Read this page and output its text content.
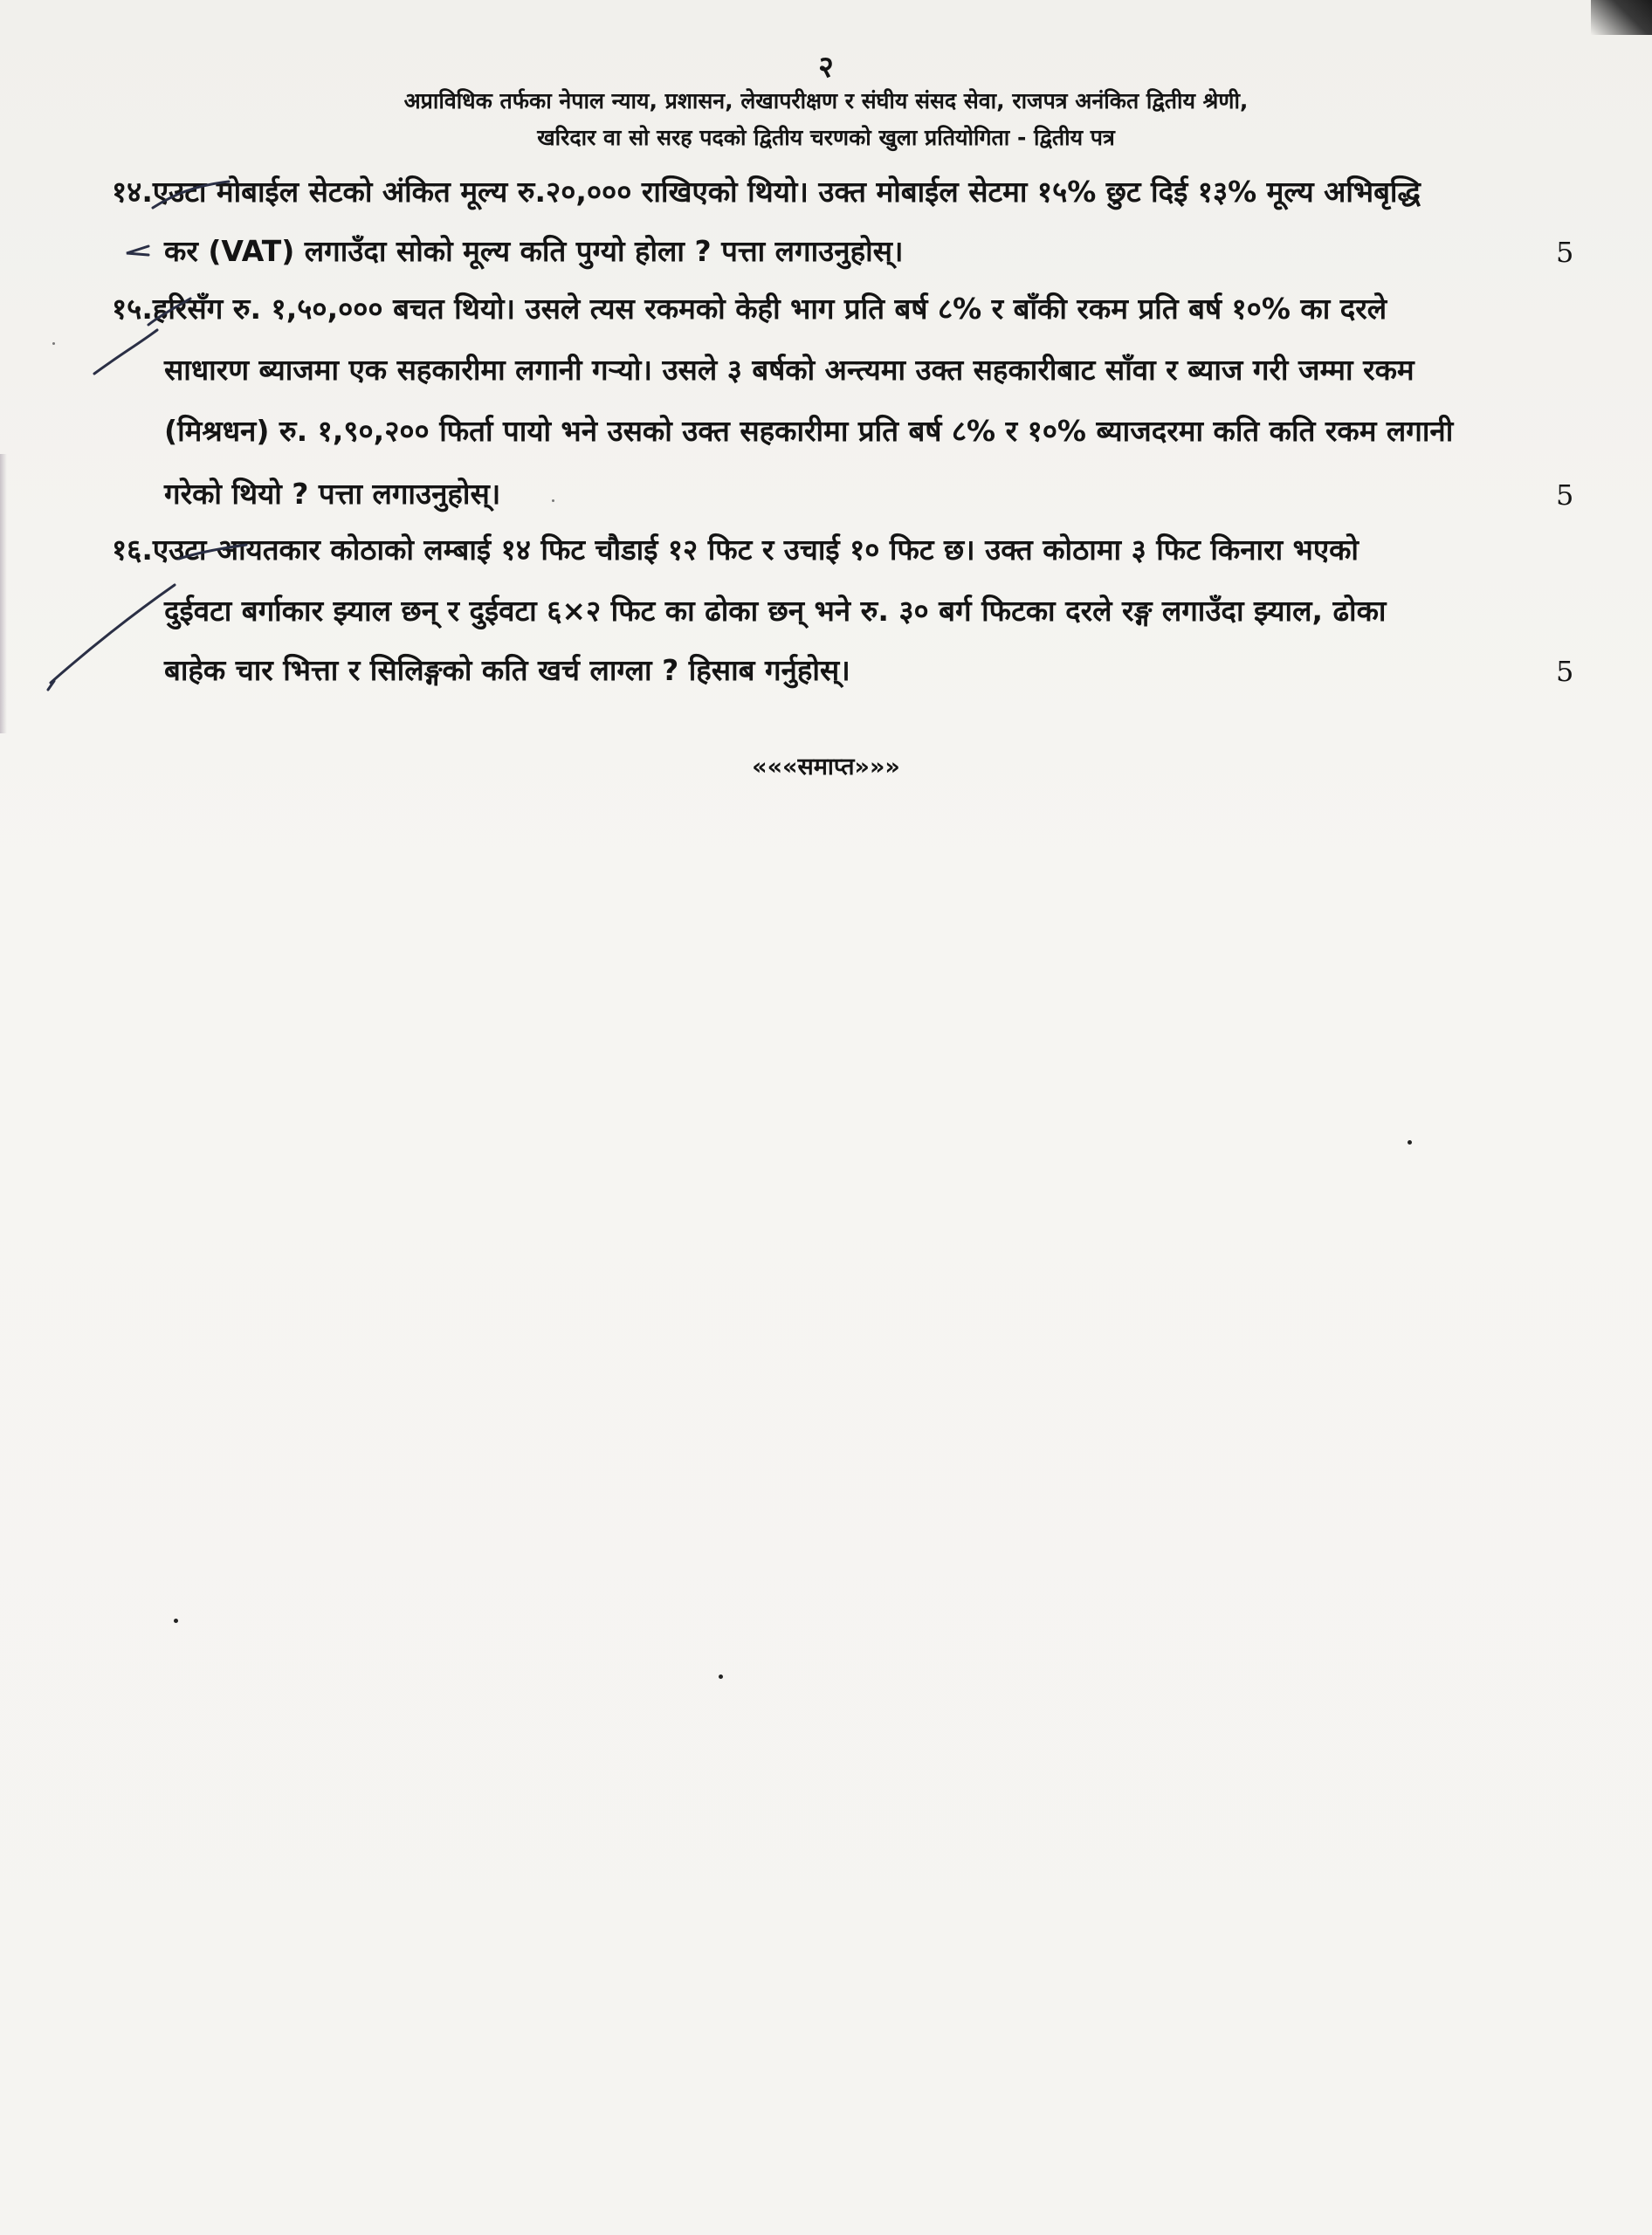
२
अप्राविधिक तर्फका नेपाल न्याय, प्रशासन, लेखापरीक्षण र संघीय संसद सेवा, राजपत्र अनंकित द्वितीय श्रेणी,
खरिदार वा सो सरह पदको द्वितीय चरणको खुला प्रतियोगिता - द्वितीय पत्र
१४.एउटा मोबाईल सेटको अंकित मूल्य रु.२०,००० राखिएको थियो। उक्त मोबाईल सेटमा १५% छुट दिई १३% मूल्य अभिबृद्धि
कर (VAT) लगाउँदा सोको मूल्य कति पुग्यो होला ? पत्ता लगाउनुहोस्।	5
१५.हरिसँग रु. १,५०,००० बचत थियो। उसले त्यस रकमको केही भाग प्रति बर्ष ८% र बाँकी रकम प्रति बर्ष १०% का दरले
साधारण ब्याजमा एक सहकारीमा लगानी गऱ्यो। उसले ३ बर्षको अन्त्यमा उक्त सहकारीबाट साँवा र ब्याज गरी जम्मा रकम
(मिश्रधन) रु. १,९०,२०० फिर्ता पायो भने उसको उक्त सहकारीमा प्रति बर्ष ८% र १०% ब्याजदरमा कति कति रकम लगानी
गरेको थियो ? पत्ता लगाउनुहोस्।	5
१६.एउटा आयतकार कोठाको लम्बाई १४ फिट चौडाई १२ फिट र उचाई १० फिट छ। उक्त कोठामा ३ फिट किनारा भएको
दुईवटा बर्गाकार झ्याल छन् र दुईवटा ६×२ फिट का ढोका छन् भने रु. ३० बर्ग फिटका दरले रङ्ग लगाउँदा झ्याल, ढोका
बाहेक चार भित्ता र सिलिङ्गको कति खर्च लाग्ला ? हिसाब गर्नुहोस्।	5
«««समाप्त»»»
